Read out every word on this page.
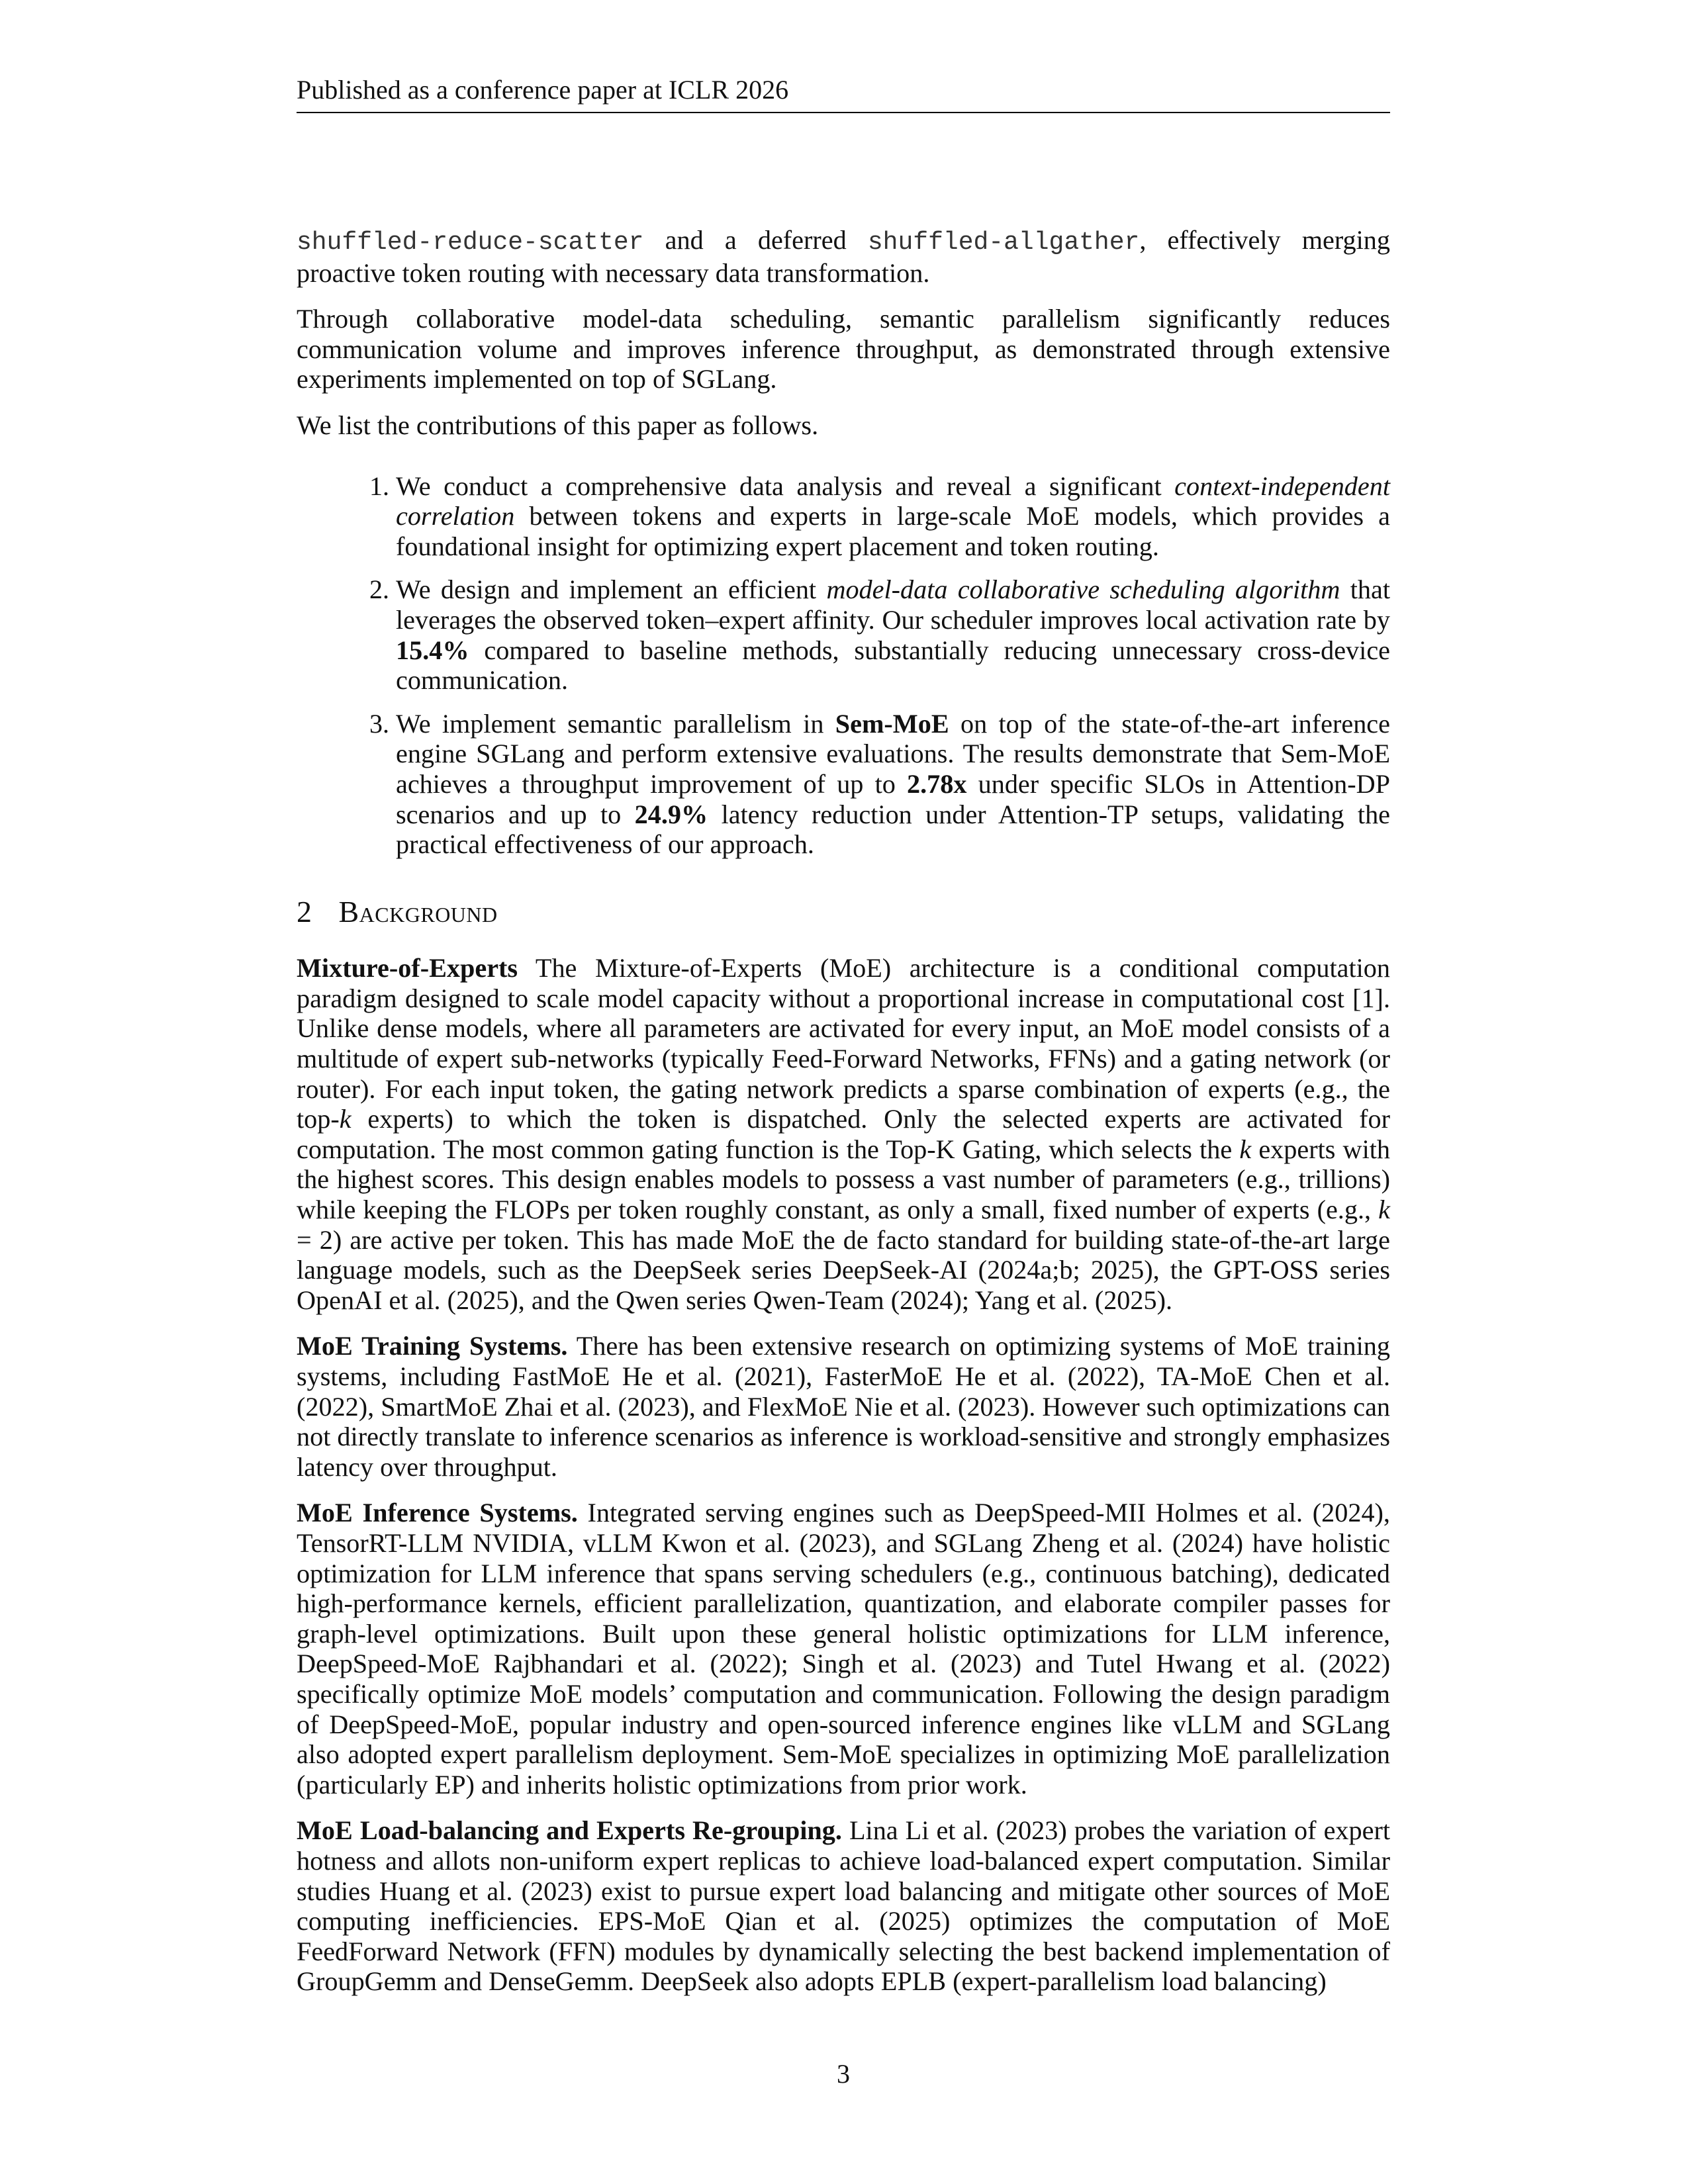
Published as a conference paper at ICLR 2026

shuffled-reduce-scatter and a deferred shuffled-allgather, effectively merging proactive token routing with necessary data transformation.

Through collaborative model-data scheduling, semantic parallelism significantly reduces communication volume and improves inference throughput, as demonstrated through extensive experiments implemented on top of SGLang.

We list the contributions of this paper as follows.

1. We conduct a comprehensive data analysis and reveal a significant context-independent correlation between tokens and experts in large-scale MoE models, which provides a foundational insight for optimizing expert placement and token routing.
2. We design and implement an efficient model-data collaborative scheduling algorithm that leverages the observed token–expert affinity. Our scheduler improves local activation rate by 15.4% compared to baseline methods, substantially reducing unnecessary cross-device communication.
3. We implement semantic parallelism in Sem-MoE on top of the state-of-the-art inference engine SGLang and perform extensive evaluations. The results demonstrate that Sem-MoE achieves a throughput improvement of up to 2.78x under specific SLOs in Attention-DP scenarios and up to 24.9% latency reduction under Attention-TP setups, validating the practical effectiveness of our approach.
2 Background

Mixture-of-Experts The Mixture-of-Experts (MoE) architecture is a conditional computation paradigm designed to scale model capacity without a proportional increase in computational cost [1]. Unlike dense models, where all parameters are activated for every input, an MoE model consists of a multitude of expert sub-networks (typically Feed-Forward Networks, FFNs) and a gating network (or router). For each input token, the gating network predicts a sparse combination of experts (e.g., the top-k experts) to which the token is dispatched. Only the selected experts are activated for computation. The most common gating function is the Top-K Gating, which selects the k experts with the highest scores. This design enables models to possess a vast number of parameters (e.g., trillions) while keeping the FLOPs per token roughly constant, as only a small, fixed number of experts (e.g., k = 2) are active per token. This has made MoE the de facto standard for building state-of-the-art large language models, such as the DeepSeek series DeepSeek-AI (2024a;b; 2025), the GPT-OSS series OpenAI et al. (2025), and the Qwen series Qwen-Team (2024); Yang et al. (2025).

MoE Training Systems. There has been extensive research on optimizing systems of MoE training systems, including FastMoE He et al. (2021), FasterMoE He et al. (2022), TA-MoE Chen et al. (2022), SmartMoE Zhai et al. (2023), and FlexMoE Nie et al. (2023). However such optimizations can not directly translate to inference scenarios as inference is workload-sensitive and strongly emphasizes latency over throughput.

MoE Inference Systems. Integrated serving engines such as DeepSpeed-MII Holmes et al. (2024), TensorRT-LLM NVIDIA, vLLM Kwon et al. (2023), and SGLang Zheng et al. (2024) have holistic optimization for LLM inference that spans serving schedulers (e.g., continuous batching), dedicated high-performance kernels, efficient parallelization, quantization, and elaborate compiler passes for graph-level optimizations. Built upon these general holistic optimizations for LLM inference, DeepSpeed-MoE Rajbhandari et al. (2022); Singh et al. (2023) and Tutel Hwang et al. (2022) specifically optimize MoE models’ computation and communication. Following the design paradigm of DeepSpeed-MoE, popular industry and open-sourced inference engines like vLLM and SGLang also adopted expert parallelism deployment. Sem-MoE specializes in optimizing MoE parallelization (particularly EP) and inherits holistic optimizations from prior work.

MoE Load-balancing and Experts Re-grouping. Lina Li et al. (2023) probes the variation of expert hotness and allots non-uniform expert replicas to achieve load-balanced expert computation. Similar studies Huang et al. (2023) exist to pursue expert load balancing and mitigate other sources of MoE computing inefficiencies. EPS-MoE Qian et al. (2025) optimizes the computation of MoE FeedForward Network (FFN) modules by dynamically selecting the best backend implementation of GroupGemm and DenseGemm. DeepSeek also adopts EPLB (expert-parallelism load balancing)

3
